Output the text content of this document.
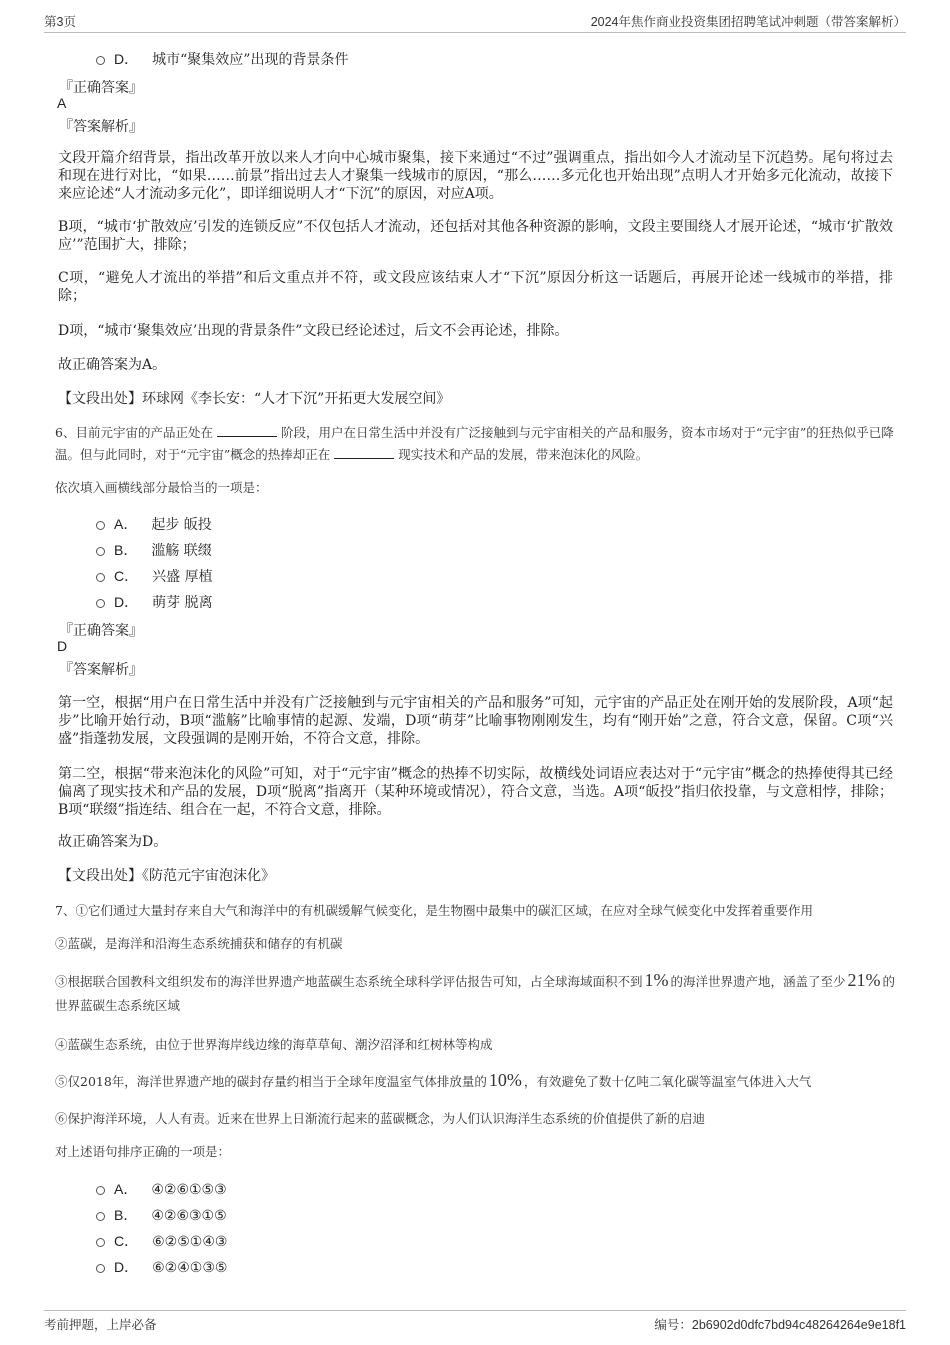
第3页	2024年焦作商业投资集团招聘笔试冲刺题（带答案解析）
D． 城市“聚集效应”出现的背景条件
『正确答案』
A
『答案解析』
文段开篇介绍背景，指出改革开放以来人才向中心城市聚集，接下来通过“不过”强调重点，指出如今人才流动呈下沉趋势。尾句将过去和现在进行对比，“如果……前景”指出过去人才聚集一线城市的原因，“那么……多元化也开始出现”点明人才开始多元化流动，故接下来应论述“人才流动多元化”，即详细说明人才“下沉”的原因，对应A项。
B项，“城市‘扩散效应’引发的连锁反应”不仅包括人才流动，还包括对其他各种资源的影响，文段主要围绕人才展开论述，“城市‘扩散效应’”范围扩大，排除；
C项，“避免人才流出的举措”和后文重点并不符，或文段应该结束人才“下沉”原因分析这一话题后，再展开论述一线城市的举措，排除；
D项，“城市‘聚集效应’出现的背景条件”文段已经论述过，后文不会再论述，排除。
故正确答案为A。
【文段出处】环球网《李长安：“人才下沉”开拓更大发展空间》
6、目前元宇宙的产品正处在	阶段，用户在日常生活中并没有广泛接触到与元宇宙相关的产品和服务，资本市场对于“元宇宙”的狂热似乎已降温。但与此同时，对于“元宇宙”概念的热捧却正在	现实技术和产品的发展，带来泡沫化的风险。
依次填入画横线部分最恰当的一项是：
A． 起步 皈投
B． 滥觞 联缀
C． 兴盛 厚植
D． 萌芽 脱离
『正确答案』
D
『答案解析』
第一空，根据“用户在日常生活中并没有广泛接触到与元宇宙相关的产品和服务”可知，元宇宙的产品正处在刚开始的发展阶段，A项“起步”比喻开始行动，B项“滥觞”比喻事情的起源、发端，D项“萌芽”比喻事物刚刚发生，均有“刚开始”之意，符合文意，保留。C项“兴盛”指蓬勃发展，文段强调的是刚开始，不符合文意，排除。
第二空，根据“带来泡沫化的风险”可知，对于“元宇宙”概念的热捧不切实际，故横线处词语应表达对于“元宇宙”概念的热捧使得其已经偏离了现实技术和产品的发展，D项“脱离”指离开（某种环境或情况），符合文意，当选。A项“皈投”指归依投靠，与文意相悖，排除；B项“联缀”指连结、组合在一起，不符合文意，排除。
故正确答案为D。
【文段出处】《防范元宇宙泡沫化》
7、①它们通过大量封存来自大气和海洋中的有机碳缓解气候变化，是生物圈中最集中的碳汇区域，在应对全球气候变化中发挥着重要作用
②蓝碳，是海洋和沿海生态系统捕获和储存的有机碳
③根据联合国教科文组织发布的海洋世界遗产地蓝碳生态系统全球科学评估报告可知，占全球海域面积不到 1% 的海洋世界遗产地，涵盖了至少 21% 的世界蓝碳生态系统区域
④蓝碳生态系统，由位于世界海岸线边缘的海草草甸、潮汐沼泽和红树林等构成
⑤仅2018年，海洋世界遗产地的碳封存量约相当于全球年度温室气体排放量的 10% ，有效避免了数十亿吨二氧化碳等温室气体进入大气
⑥保护海洋环境，人人有责。近来在世界上日渐流行起来的蓝碳概念，为人们认识海洋生态系统的价值提供了新的启迪
对上述语句排序正确的一项是：
A． ④②⑥①⑤③
B． ④②⑥③①⑤
C． ⑥②⑤①④③
D． ⑥②④①③⑤
考前押题，上岸必备	编号：2b6902d0dfc7bd94c48264264e9e18f1
